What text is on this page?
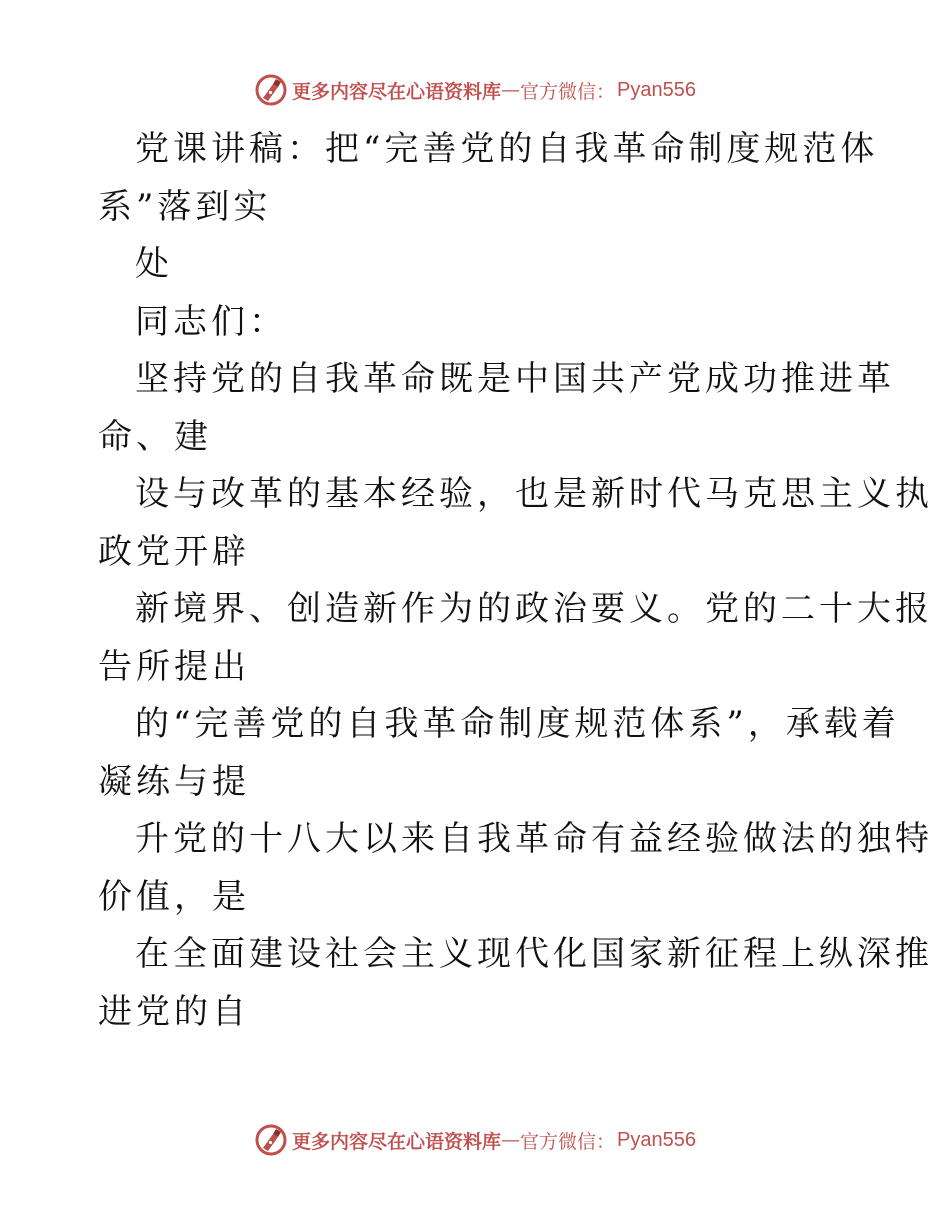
更多内容尽在心语资料库 — 官方微信： Pyan556
党课讲稿：把“完善党的自我革命制度规范体
系”落到实
处
同志们：
坚持党的自我革命既是中国共产党成功推进革
命、建
设与改革的基本经验，也是新时代马克思主义执
政党开辟
新境界、创造新作为的政治要义。党的二十大报
告所提出
的“完善党的自我革命制度规范体系”，承载着
凝练与提
升党的十八大以来自我革命有益经验做法的独特
价值，是
在全面建设社会主义现代化国家新征程上纵深推
进党的自
更多内容尽在心语资料库 — 官方微信： Pyan556
